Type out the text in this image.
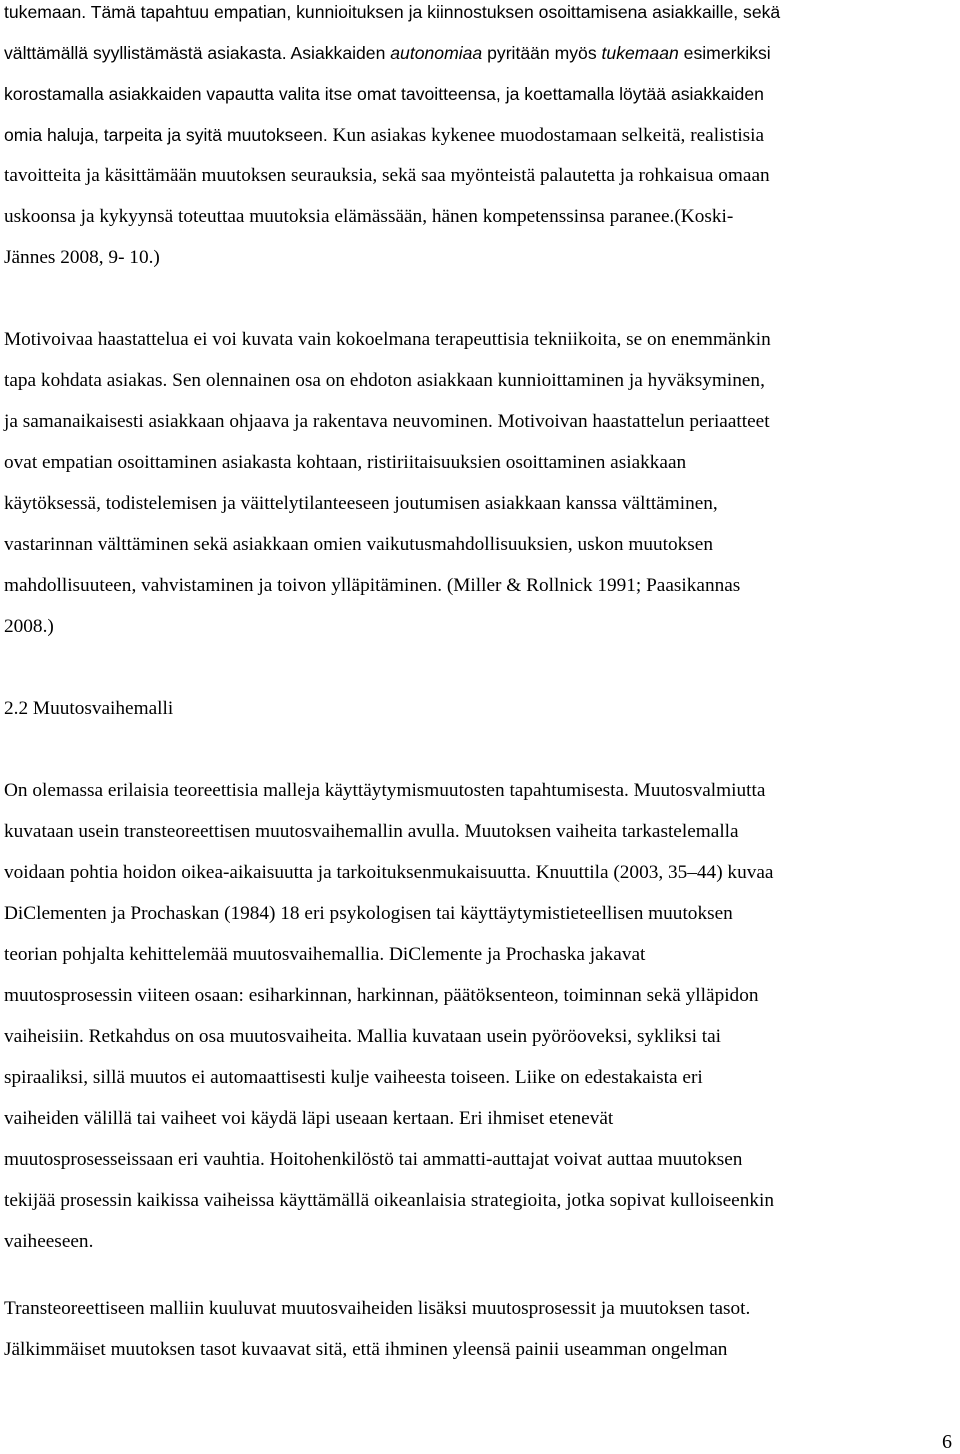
tukemaan. Tämä tapahtuu empatian, kunnioituksen ja kiinnostuksen osoittamisena asiakkaille, sekä
välttämällä syyllistämästä asiakasta. Asiakkaiden autonomiaa pyritään myös tukemaan esimerkiksi
korostamalla asiakkaiden vapautta valita itse omat tavoitteensa, ja koettamalla löytää asiakkaiden
omia haluja, tarpeita ja syitä muutokseen. Kun asiakas kykenee muodostamaan selkeitä, realistisia
tavoitteita ja käsittämään muutoksen seurauksia, sekä saa myönteistä palautetta ja rohkaisua omaan
uskoonsa ja kykyynsä toteuttaa muutoksia elämässään, hänen kompetenssinsa paranee.(Koski-
Jännes 2008, 9- 10.)
Motivoivaa haastattelua ei voi kuvata vain kokoelmana terapeuttisia tekniikoita, se on enemmänkin
tapa kohdata asiakas. Sen olennainen osa on ehdoton asiakkaan kunnioittaminen ja hyväksyminen,
ja samanaikaisesti asiakkaan ohjaava ja rakentava neuvominen. Motivoivan haastattelun periaatteet
ovat empatian osoittaminen asiakasta kohtaan, ristiriitaisuuksien osoittaminen asiakkaan
käytöksessä, todistelemisen ja väittelytilanteeseen joutumisen asiakkaan kanssa välttäminen,
vastarinnan välttäminen sekä asiakkaan omien vaikutusmahdollisuuksien, uskon muutoksen
mahdollisuuteen, vahvistaminen ja toivon ylläpitäminen. (Miller & Rollnick 1991; Paasikannas
2008.)
2.2 Muutosvaihemalli
On olemassa erilaisia teoreettisia malleja käyttäytymismuutosten tapahtumisesta. Muutosvalmiutta
kuvataan usein transteoreettisen muutosvaihemallin avulla. Muutoksen vaiheita tarkastelemalla
voidaan pohtia hoidon oikea-aikaisuutta ja tarkoituksenmukaisuutta. Knuuttila (2003, 35–44) kuvaa
DiClementen ja Prochaskan (1984) 18 eri psykologisen tai käyttäytymistieteellisen muutoksen
teorian pohjalta kehittelemää muutosvaihemallia. DiClemente ja Prochaska jakavat
muutosprosessin viiteen osaan: esiharkinnan, harkinnan, päätöksenteon, toiminnan sekä ylläpidon
vaiheisiin. Retkahdus on osa muutosvaiheita. Mallia kuvataan usein pyöröoveksi, sykliksi tai
spiraaliksi, sillä muutos ei automaattisesti kulje vaiheesta toiseen. Liike on edestakaista eri
vaiheiden välillä tai vaiheet voi käydä läpi useaan kertaan. Eri ihmiset etenevät
muutosprosesseissaan eri vauhtia. Hoitohenkilöstö tai ammatti-auttajat voivat auttaa muutoksen
tekijää prosessin kaikissa vaiheissa käyttämällä oikeanlaisia strategioita, jotka sopivat kulloiseenkin
vaiheeseen.
Transteoreettiseen malliin kuuluvat muutosvaiheiden lisäksi muutosprosessit ja muutoksen tasot.
Jälkimmäiset muutoksen tasot kuvaavat sitä, että ihminen yleensä painii useamman ongelman
6
